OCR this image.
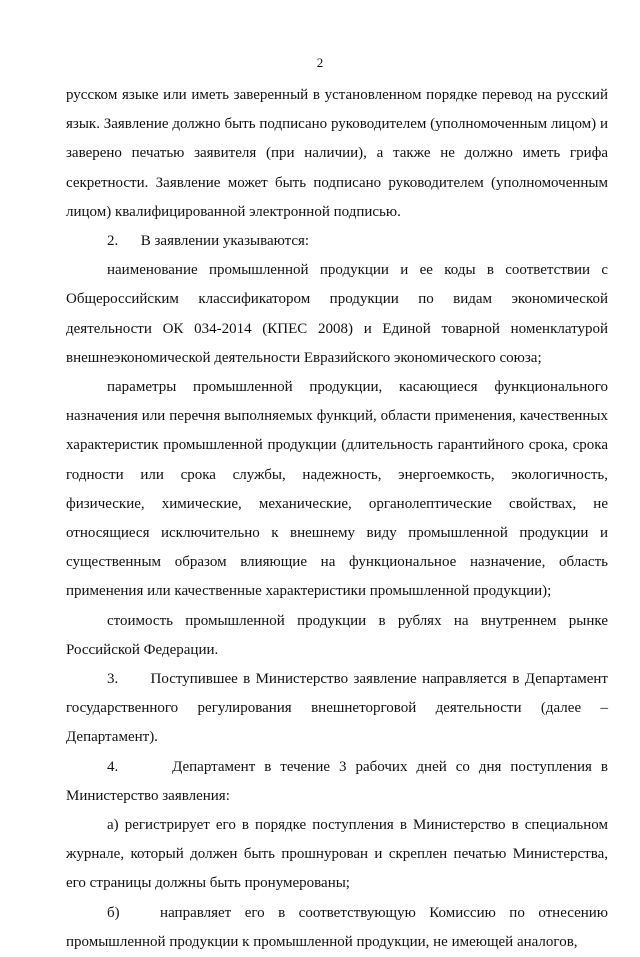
2

русском языке или иметь заверенный в установленном порядке перевод на русский язык. Заявление должно быть подписано руководителем (уполномоченным лицом) и заверено печатью заявителя (при наличии), а также не должно иметь грифа секретности. Заявление может быть подписано руководителем (уполномоченным лицом) квалифицированной электронной подписью.

2.      В заявлении указываются:

наименование промышленной продукции и ее коды в соответствии с Общероссийским классификатором продукции по видам экономической деятельности ОК 034-2014 (КПЕС 2008) и Единой товарной номенклатурой внешнеэкономической деятельности Евразийского экономического союза;

параметры промышленной продукции, касающиеся функционального назначения или перечня выполняемых функций, области применения, качественных характеристик промышленной продукции (длительность гарантийного срока, срока годности или срока службы, надежность, энергоемкость, экологичность, физические, химические, механические, органолептические свойствах, не относящиеся исключительно к внешнему виду промышленной продукции и существенным образом влияющие на функциональное назначение, область применения или качественные характеристики промышленной продукции);

стоимость промышленной продукции в рублях на внутреннем рынке Российской Федерации.

3.      Поступившее в Министерство заявление направляется в Департамент государственного регулирования внешнеторговой деятельности (далее – Департамент).

4.      Департамент в течение 3 рабочих дней со дня поступления в Министерство заявления:

а) регистрирует его в порядке поступления в Министерство в специальном журнале, который должен быть прошнурован и скреплен печатью Министерства, его страницы должны быть пронумерованы;

б)   направляет его в соответствующую Комиссию по отнесению промышленной продукции к промышленной продукции, не имеющей аналогов,
